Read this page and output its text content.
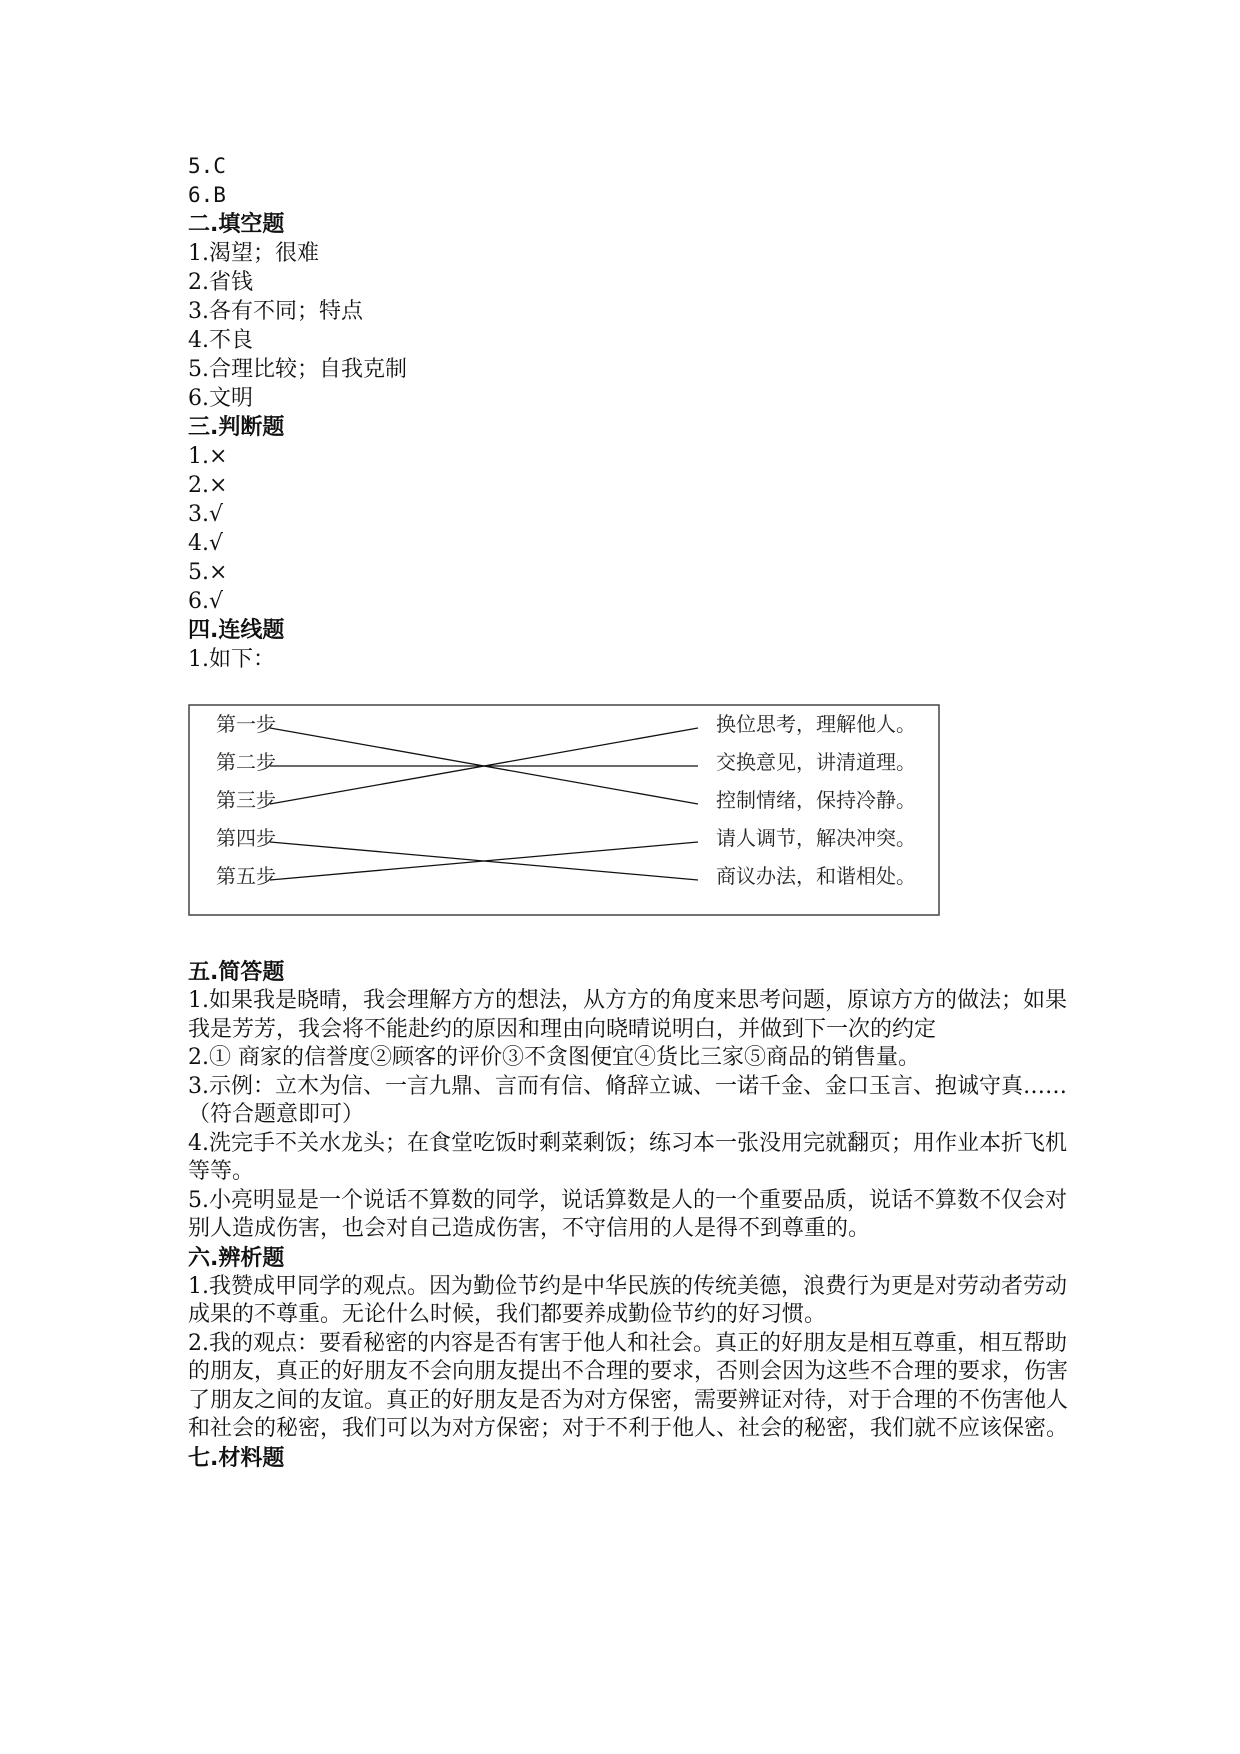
5.C

6.B

二.填空题

1.渴望；很难

2.省钱

3.各有不同；特点

4.不良

5.合理比较；自我克制

6.文明

三.判断题

1.×

2.×

3.√

4.√

5.×

6.√

四.连线题

1.如下：

第一步
第二步
第三步
第四步
第五步
换位思考，理解他人。
交换意见，讲清道理。
控制情绪，保持冷静。
请人调节，解决冲突。
商议办法，和谐相处。

五.简答题

1.如果我是晓晴，我会理解方方的想法，从方方的角度来思考问题，原谅方方的做法；如果我是芳芳，我会将不能赴约的原因和理由向晓晴说明白，并做到下一次的约定

2.① 商家的信誉度②顾客的评价③不贪图便宜④货比三家⑤商品的销售量。

3.示例：立木为信、一言九鼎、言而有信、脩辞立诚、一诺千金、金口玉言、抱诚守真……（符合题意即可）

4.洗完手不关水龙头；在食堂吃饭时剩菜剩饭；练习本一张没用完就翻页；用作业本折飞机等等。

5.小亮明显是一个说话不算数的同学，说话算数是人的一个重要品质，说话不算数不仅会对别人造成伤害，也会对自己造成伤害，不守信用的人是得不到尊重的。

六.辨析题

1.我赞成甲同学的观点。因为勤俭节约是中华民族的传统美德，浪费行为更是对劳动者劳动成果的不尊重。无论什么时候，我们都要养成勤俭节约的好习惯。

2.我的观点：要看秘密的内容是否有害于他人和社会。真正的好朋友是相互尊重，相互帮助的朋友，真正的好朋友不会向朋友提出不合理的要求，否则会因为这些不合理的要求，伤害了朋友之间的友谊。真正的好朋友是否为对方保密，需要辨证对待，对于合理的不伤害他人和社会的秘密，我们可以为对方保密；对于不利于他人、社会的秘密，我们就不应该保密。

七.材料题
